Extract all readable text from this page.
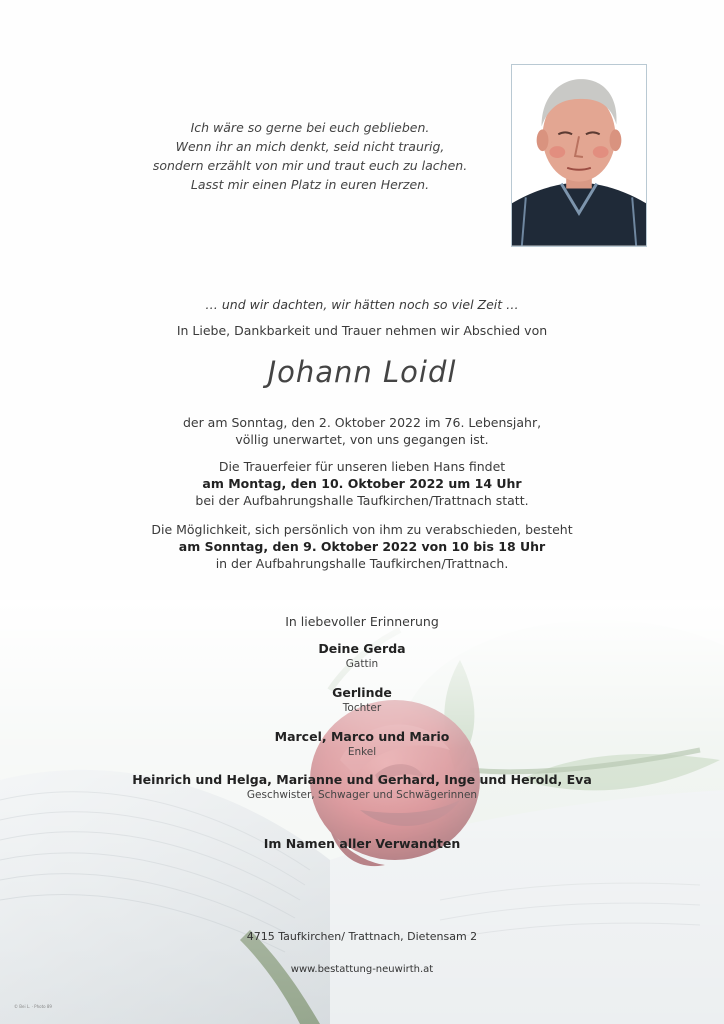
Ich wäre so gerne bei euch geblieben.
Wenn ihr an mich denkt, seid nicht traurig,
sondern erzählt von mir und traut euch zu lachen.
Lasst mir einen Platz in euren Herzen.
… und wir dachten, wir hätten noch so viel Zeit …
In Liebe, Dankbarkeit und Trauer nehmen wir Abschied von
Johann Loidl
der am Sonntag, den 2. Oktober 2022 im 76. Lebensjahr,
völlig unerwartet, von uns gegangen ist.
Die Trauerfeier für unseren lieben Hans findet
am Montag, den 10. Oktober 2022 um 14 Uhr
bei der Aufbahrungshalle Taufkirchen/Trattnach statt.
Die Möglichkeit, sich persönlich von ihm zu verabschieden, besteht
am Sonntag, den 9. Oktober 2022 von 10 bis 18 Uhr
in der Aufbahrungshalle Taufkirchen/Trattnach.
In liebevoller Erinnerung
Deine Gerda
Gattin
Gerlinde
Tochter
Marcel, Marco und Mario
Enkel
Heinrich und Helga, Marianne und Gerhard, Inge und Herold, Eva
Geschwister, Schwager und Schwägerinnen
Im Namen aller Verwandten
4715 Taufkirchen/ Trattnach, Dietensam 2
www.bestattung-neuwirth.at
© Bei L. · Photo 89
